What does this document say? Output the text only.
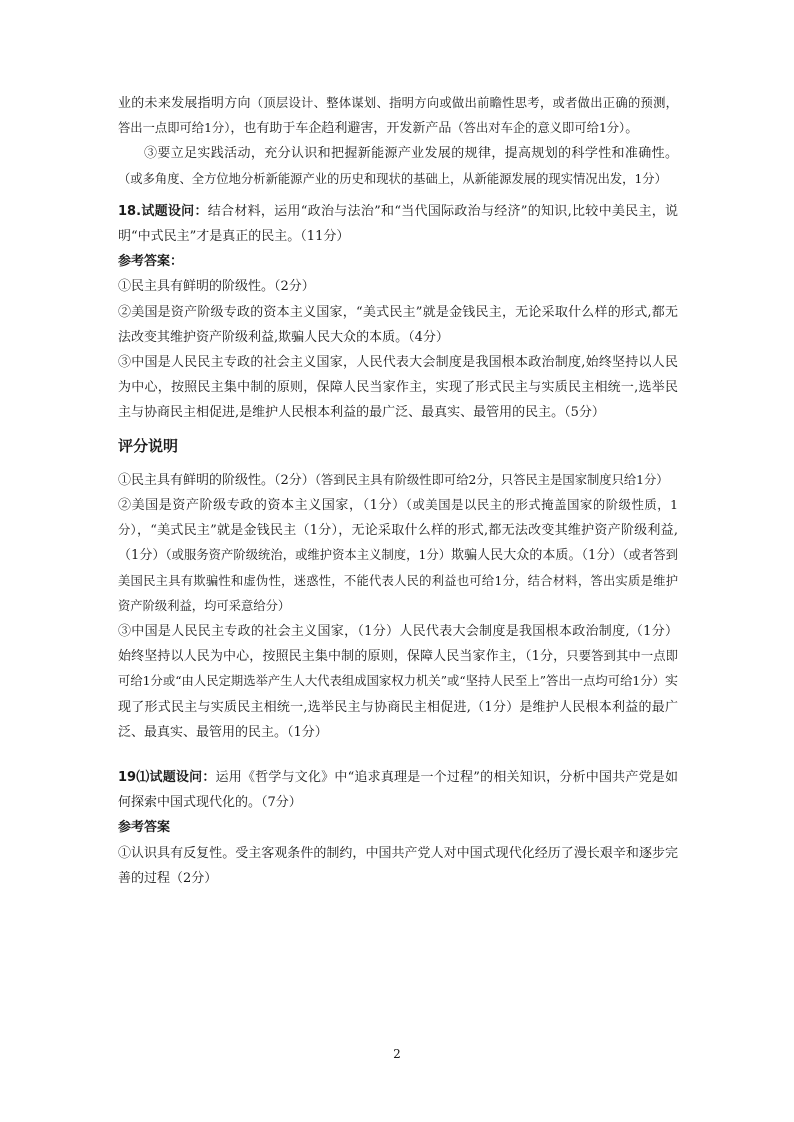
业的未来发展指明方向（顶层设计、整体谋划、指明方向或做出前瞻性思考，或者做出正确的预测，答出一点即可给1分），也有助于车企趋利避害，开发新产品（答出对车企的意义即可给1分）。

③要立足实践活动，充分认识和把握新能源产业发展的规律，提高规划的科学性和准确性。（或多角度、全方位地分析新能源产业的历史和现状的基础上，从新能源发展的现实情况出发，1分）

18.试题设问：结合材料，运用“政治与法治”和“当代国际政治与经济”的知识,比较中美民主，说明“中式民主”才是真正的民主。（11分）

参考答案：

①民主具有鲜明的阶级性。（2分）

②美国是资产阶级专政的资本主义国家，“美式民主”就是金钱民主，无论采取什么样的形式,都无法改变其维护资产阶级利益,欺骗人民大众的本质。（4分）

③中国是人民民主专政的社会主义国家，人民代表大会制度是我国根本政治制度,始终坚持以人民为中心，按照民主集中制的原则，保障人民当家作主，实现了形式民主与实质民主相统一,选举民主与协商民主相促进,是维护人民根本利益的最广泛、最真实、最管用的民主。（5分）

评分说明

①民主具有鲜明的阶级性。（2分）（答到民主具有阶级性即可给2分，只答民主是国家制度只给1分）

②美国是资产阶级专政的资本主义国家，（1分）（或美国是以民主的形式掩盖国家的阶级性质，1分），“美式民主”就是金钱民主（1分），无论采取什么样的形式,都无法改变其维护资产阶级利益,（1分）（或服务资产阶级统治，或维护资本主义制度，1分）欺骗人民大众的本质。（1分）（或者答到美国民主具有欺骗性和虚伪性，迷惑性，不能代表人民的利益也可给1分，结合材料，答出实质是维护资产阶级利益，均可采意给分）

③中国是人民民主专政的社会主义国家，（1分）人民代表大会制度是我国根本政治制度,（1分）始终坚持以人民为中心，按照民主集中制的原则，保障人民当家作主，（1分，只要答到其中一点即可给1分或“由人民定期选举产生人大代表组成国家权力机关”或“坚持人民至上”答出一点均可给1分）实现了形式民主与实质民主相统一,选举民主与协商民主相促进,（1分）是维护人民根本利益的最广泛、最真实、最管用的民主。（1分）

19⑴试题设问：运用《哲学与文化》中“追求真理是一个过程”的相关知识，分析中国共产党是如何探索中国式现代化的。（7分）

参考答案

①认识具有反复性。受主客观条件的制约，中国共产党人对中国式现代化经历了漫长艰辛和逐步完善的过程（2分）

2
